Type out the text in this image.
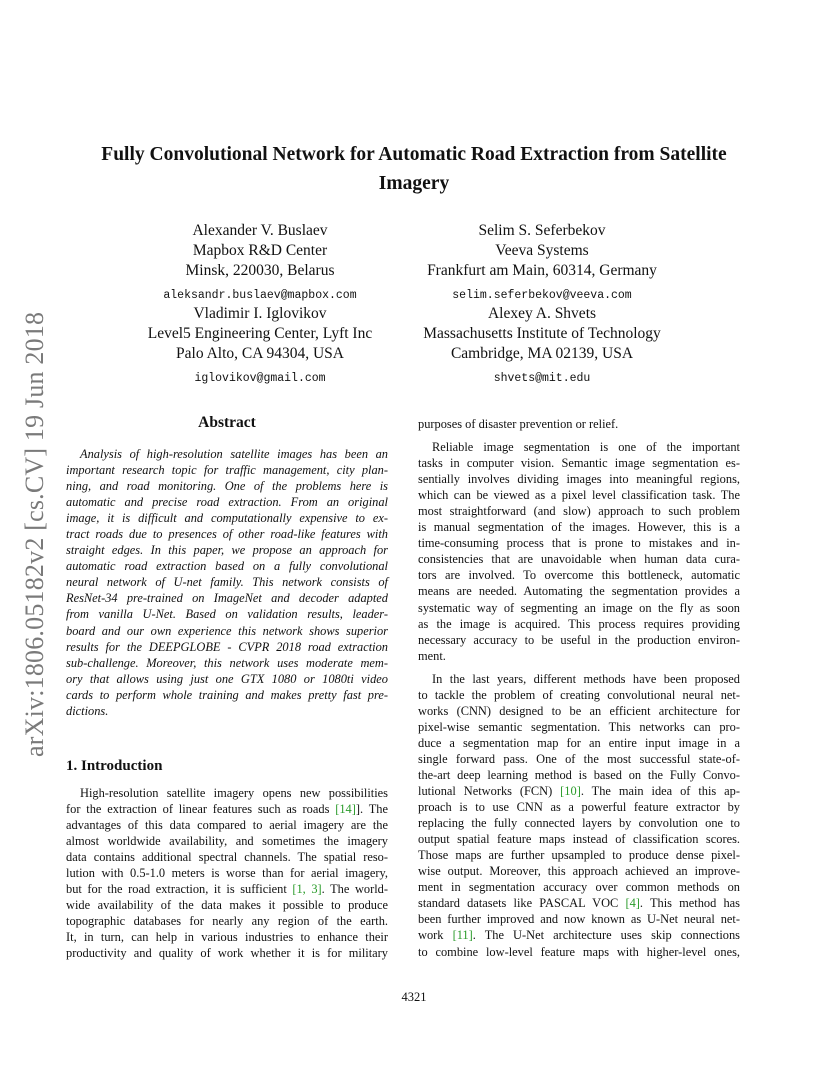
arXiv:1806.05182v2 [cs.CV] 19 Jun 2018
Fully Convolutional Network for Automatic Road Extraction from Satellite
Imagery
Alexander V. Buslaev
Mapbox R&D Center
Minsk, 220030, Belarus
aleksandr.buslaev@mapbox.com
Selim S. Seferbekov
Veeva Systems
Frankfurt am Main, 60314, Germany
selim.seferbekov@veeva.com
Vladimir I. Iglovikov
Level5 Engineering Center, Lyft Inc
Palo Alto, CA 94304, USA
iglovikov@gmail.com
Alexey A. Shvets
Massachusetts Institute of Technology
Cambridge, MA 02139, USA
shvets@mit.edu
Abstract
Analysis of high-resolution satellite images has been an
important research topic for traffic management, city plan-
ning, and road monitoring. One of the problems here is
automatic and precise road extraction. From an original
image, it is difficult and computationally expensive to ex-
tract roads due to presences of other road-like features with
straight edges. In this paper, we propose an approach for
automatic road extraction based on a fully convolutional
neural network of U-net family. This network consists of
ResNet-34 pre-trained on ImageNet and decoder adapted
from vanilla U-Net. Based on validation results, leader-
board and our own experience this network shows superior
results for the DEEPGLOBE - CVPR 2018 road extraction
sub-challenge. Moreover, this network uses moderate mem-
ory that allows using just one GTX 1080 or 1080ti video
cards to perform whole training and makes pretty fast pre-
dictions.
1. Introduction
High-resolution satellite imagery opens new possibilities
for the extraction of linear features such as roads [14]]. The
advantages of this data compared to aerial imagery are the
almost worldwide availability, and sometimes the imagery
data contains additional spectral channels. The spatial reso-
lution with 0.5-1.0 meters is worse than for aerial imagery,
but for the road extraction, it is sufficient [1, 3]. The world-
wide availability of the data makes it possible to produce
topographic databases for nearly any region of the earth.
It, in turn, can help in various industries to enhance their
productivity and quality of work whether it is for military
purposes of disaster prevention or relief.
Reliable image segmentation is one of the important
tasks in computer vision. Semantic image segmentation es-
sentially involves dividing images into meaningful regions,
which can be viewed as a pixel level classification task. The
most straightforward (and slow) approach to such problem
is manual segmentation of the images. However, this is a
time-consuming process that is prone to mistakes and in-
consistencies that are unavoidable when human data cura-
tors are involved. To overcome this bottleneck, automatic
means are needed. Automating the segmentation provides a
systematic way of segmenting an image on the fly as soon
as the image is acquired. This process requires providing
necessary accuracy to be useful in the production environ-
ment.
In the last years, different methods have been proposed
to tackle the problem of creating convolutional neural net-
works (CNN) designed to be an efficient architecture for
pixel-wise semantic segmentation. This networks can pro-
duce a segmentation map for an entire input image in a
single forward pass. One of the most successful state-of-
the-art deep learning method is based on the Fully Convo-
lutional Networks (FCN) [10]. The main idea of this ap-
proach is to use CNN as a powerful feature extractor by
replacing the fully connected layers by convolution one to
output spatial feature maps instead of classification scores.
Those maps are further upsampled to produce dense pixel-
wise output. Moreover, this approach achieved an improve-
ment in segmentation accuracy over common methods on
standard datasets like PASCAL VOC [4]. This method has
been further improved and now known as U-Net neural net-
work [11]. The U-Net architecture uses skip connections
to combine low-level feature maps with higher-level ones,
4321
